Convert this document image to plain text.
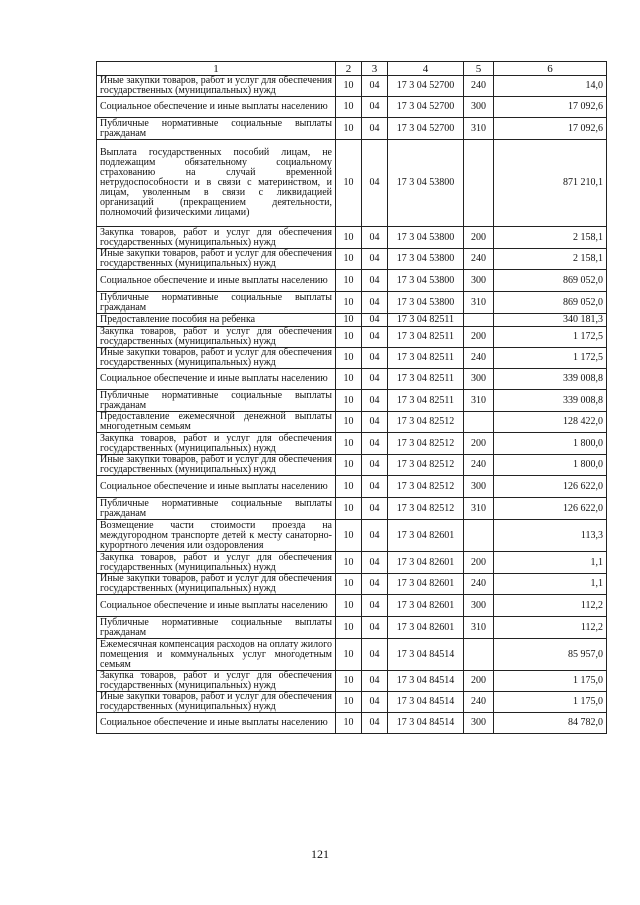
1	2	3	4	5	6
Иные закупки товаров, работ и услуг для обеспечения государственных (муниципальных) нужд	10	04	17 3 04 52700	240	14,0
Социальное обеспечение и иные выплаты населению	10	04	17 3 04 52700	300	17 092,6
Публичные нормативные социальные выплаты гражданам	10	04	17 3 04 52700	310	17 092,6
Выплата государственных пособий лицам, не подлежащим обязательному социальному страхованию на случай временной нетрудоспособности и в связи с материнством, и лицам, уволенным в связи с ликвидацией организаций (прекращением деятельности, полномочий физическими лицами)	10	04	17 3 04 53800		871 210,1
Закупка товаров, работ и услуг для обеспечения государственных (муниципальных) нужд	10	04	17 3 04 53800	200	2 158,1
Иные закупки товаров, работ и услуг для обеспечения государственных (муниципальных) нужд	10	04	17 3 04 53800	240	2 158,1
Социальное обеспечение и иные выплаты населению	10	04	17 3 04 53800	300	869 052,0
Публичные нормативные социальные выплаты гражданам	10	04	17 3 04 53800	310	869 052,0
Предоставление пособия на ребенка	10	04	17 3 04 82511		340 181,3
Закупка товаров, работ и услуг для обеспечения государственных (муниципальных) нужд	10	04	17 3 04 82511	200	1 172,5
Иные закупки товаров, работ и услуг для обеспечения государственных (муниципальных) нужд	10	04	17 3 04 82511	240	1 172,5
Социальное обеспечение и иные выплаты населению	10	04	17 3 04 82511	300	339 008,8
Публичные нормативные социальные выплаты гражданам	10	04	17 3 04 82511	310	339 008,8
Предоставление ежемесячной денежной выплаты многодетным семьям	10	04	17 3 04 82512		128 422,0
Закупка товаров, работ и услуг для обеспечения государственных (муниципальных) нужд	10	04	17 3 04 82512	200	1 800,0
Иные закупки товаров, работ и услуг для обеспечения государственных (муниципальных) нужд	10	04	17 3 04 82512	240	1 800,0
Социальное обеспечение и иные выплаты населению	10	04	17 3 04 82512	300	126 622,0
Публичные нормативные социальные выплаты гражданам	10	04	17 3 04 82512	310	126 622,0
Возмещение части стоимости проезда на междугородном транспорте детей к месту санаторно-курортного лечения или оздоровления	10	04	17 3 04 82601		113,3
Закупка товаров, работ и услуг для обеспечения государственных (муниципальных) нужд	10	04	17 3 04 82601	200	1,1
Иные закупки товаров, работ и услуг для обеспечения государственных (муниципальных) нужд	10	04	17 3 04 82601	240	1,1
Социальное обеспечение и иные выплаты населению	10	04	17 3 04 82601	300	112,2
Публичные нормативные социальные выплаты гражданам	10	04	17 3 04 82601	310	112,2
Ежемесячная компенсация расходов на оплату жилого помещения и коммунальных услуг многодетным семьям	10	04	17 3 04 84514		85 957,0
Закупка товаров, работ и услуг для обеспечения государственных (муниципальных) нужд	10	04	17 3 04 84514	200	1 175,0
Иные закупки товаров, работ и услуг для обеспечения государственных (муниципальных) нужд	10	04	17 3 04 84514	240	1 175,0
Социальное обеспечение и иные выплаты населению	10	04	17 3 04 84514	300	84 782,0
121
